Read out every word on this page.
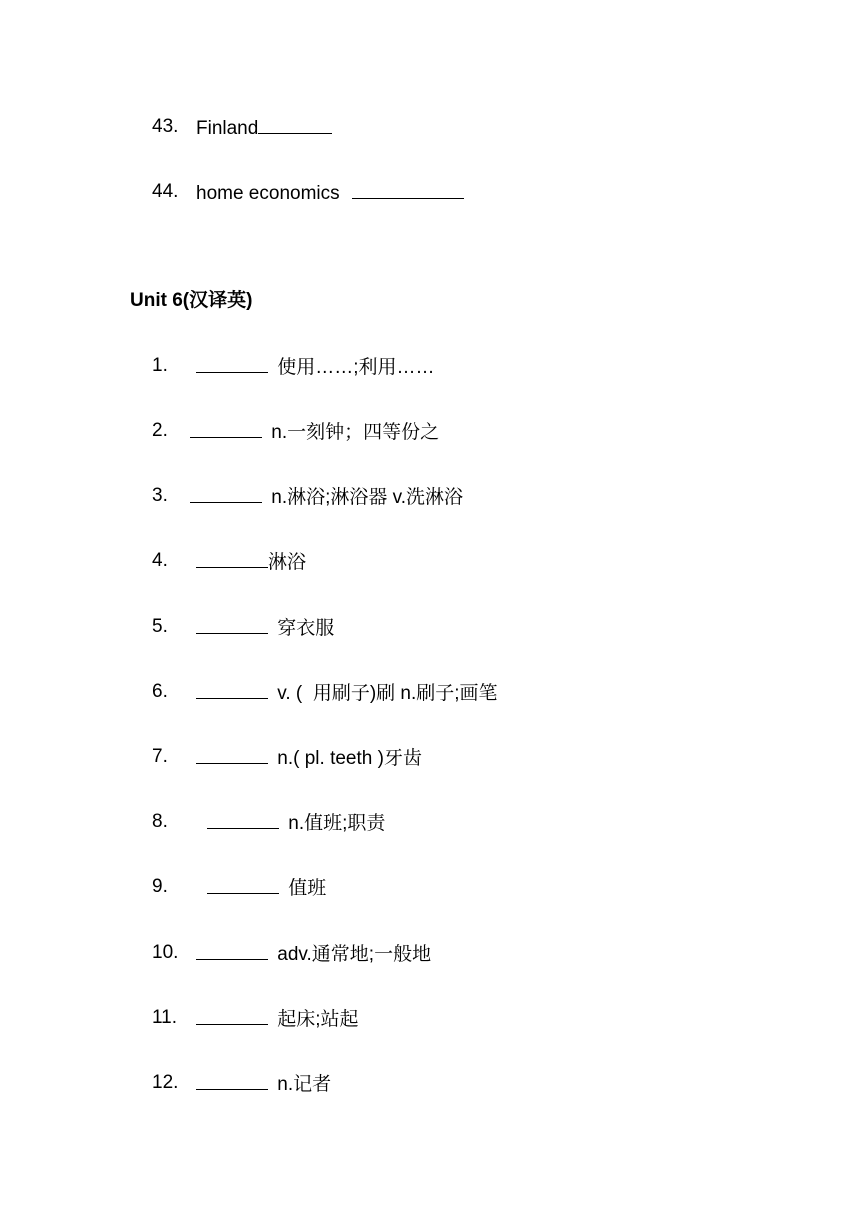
43. Finland
44. home economics
Unit 6(汉译英)
1.	使用……;利用……
2.	n.一刻钟；四等份之
3.	n.淋浴;淋浴器 v.洗淋浴
4.	淋浴
5.	穿衣服
6.	v. (  用刷子)刷 n.刷子;画笔
7.	n.( pl. teeth )牙齿
8.	n.值班;职责
9.	值班
10.	adv.通常地;一般地
11.	起床;站起
12.	n.记者
